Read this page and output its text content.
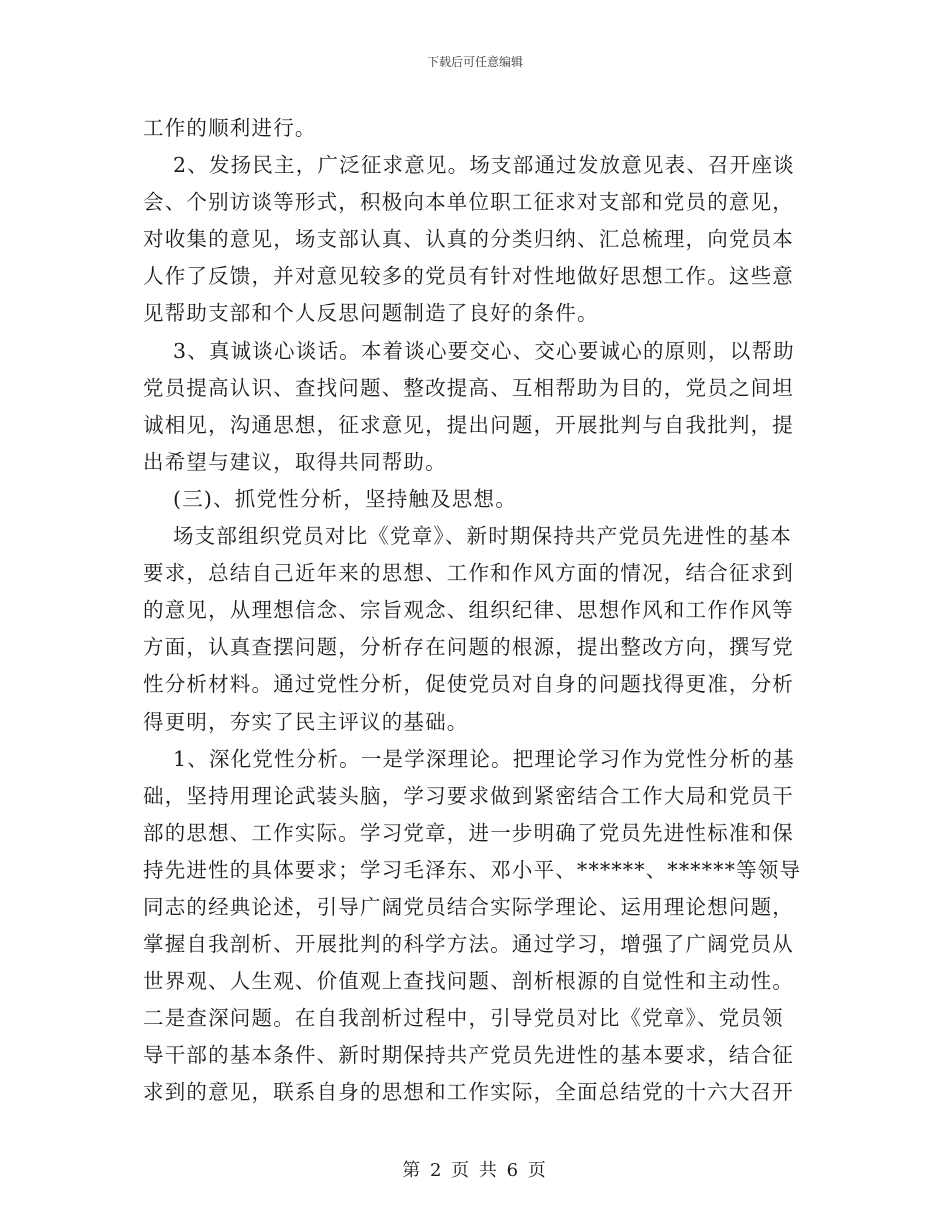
下载后可任意编辑

工作的顺利进行。

2、发扬民主，广泛征求意见。场支部通过发放意见表、召开座谈会、个别访谈等形式，积极向本单位职工征求对支部和党员的意见，对收集的意见，场支部认真、认真的分类归纳、汇总梳理，向党员本人作了反馈，并对意见较多的党员有针对性地做好思想工作。这些意见帮助支部和个人反思问题制造了良好的条件。

3、真诚谈心谈话。本着谈心要交心、交心要诚心的原则，以帮助党员提高认识、查找问题、整改提高、互相帮助为目的，党员之间坦诚相见，沟通思想，征求意见，提出问题，开展批判与自我批判，提出希望与建议，取得共同帮助。

(三)、抓党性分析，坚持触及思想。

场支部组织党员对比《党章》、新时期保持共产党员先进性的基本要求，总结自己近年来的思想、工作和作风方面的情况，结合征求到的意见，从理想信念、宗旨观念、组织纪律、思想作风和工作作风等方面，认真查摆问题，分析存在问题的根源，提出整改方向，撰写党性分析材料。通过党性分析，促使党员对自身的问题找得更准，分析得更明，夯实了民主评议的基础。

1、深化党性分析。一是学深理论。把理论学习作为党性分析的基础，坚持用理论武装头脑，学习要求做到紧密结合工作大局和党员干部的思想、工作实际。学习党章，进一步明确了党员先进性标准和保持先进性的具体要求；学习毛泽东、邓小平、******、******等领导同志的经典论述，引导广阔党员结合实际学理论、运用理论想问题，掌握自我剖析、开展批判的科学方法。通过学习，增强了广阔党员从世界观、人生观、价值观上查找问题、剖析根源的自觉性和主动性。二是查深问题。在自我剖析过程中，引导党员对比《党章》、党员领导干部的基本条件、新时期保持共产党员先进性的基本要求，结合征求到的意见，联系自身的思想和工作实际，全面总结党的十六大召开

第 2 页 共 6 页
